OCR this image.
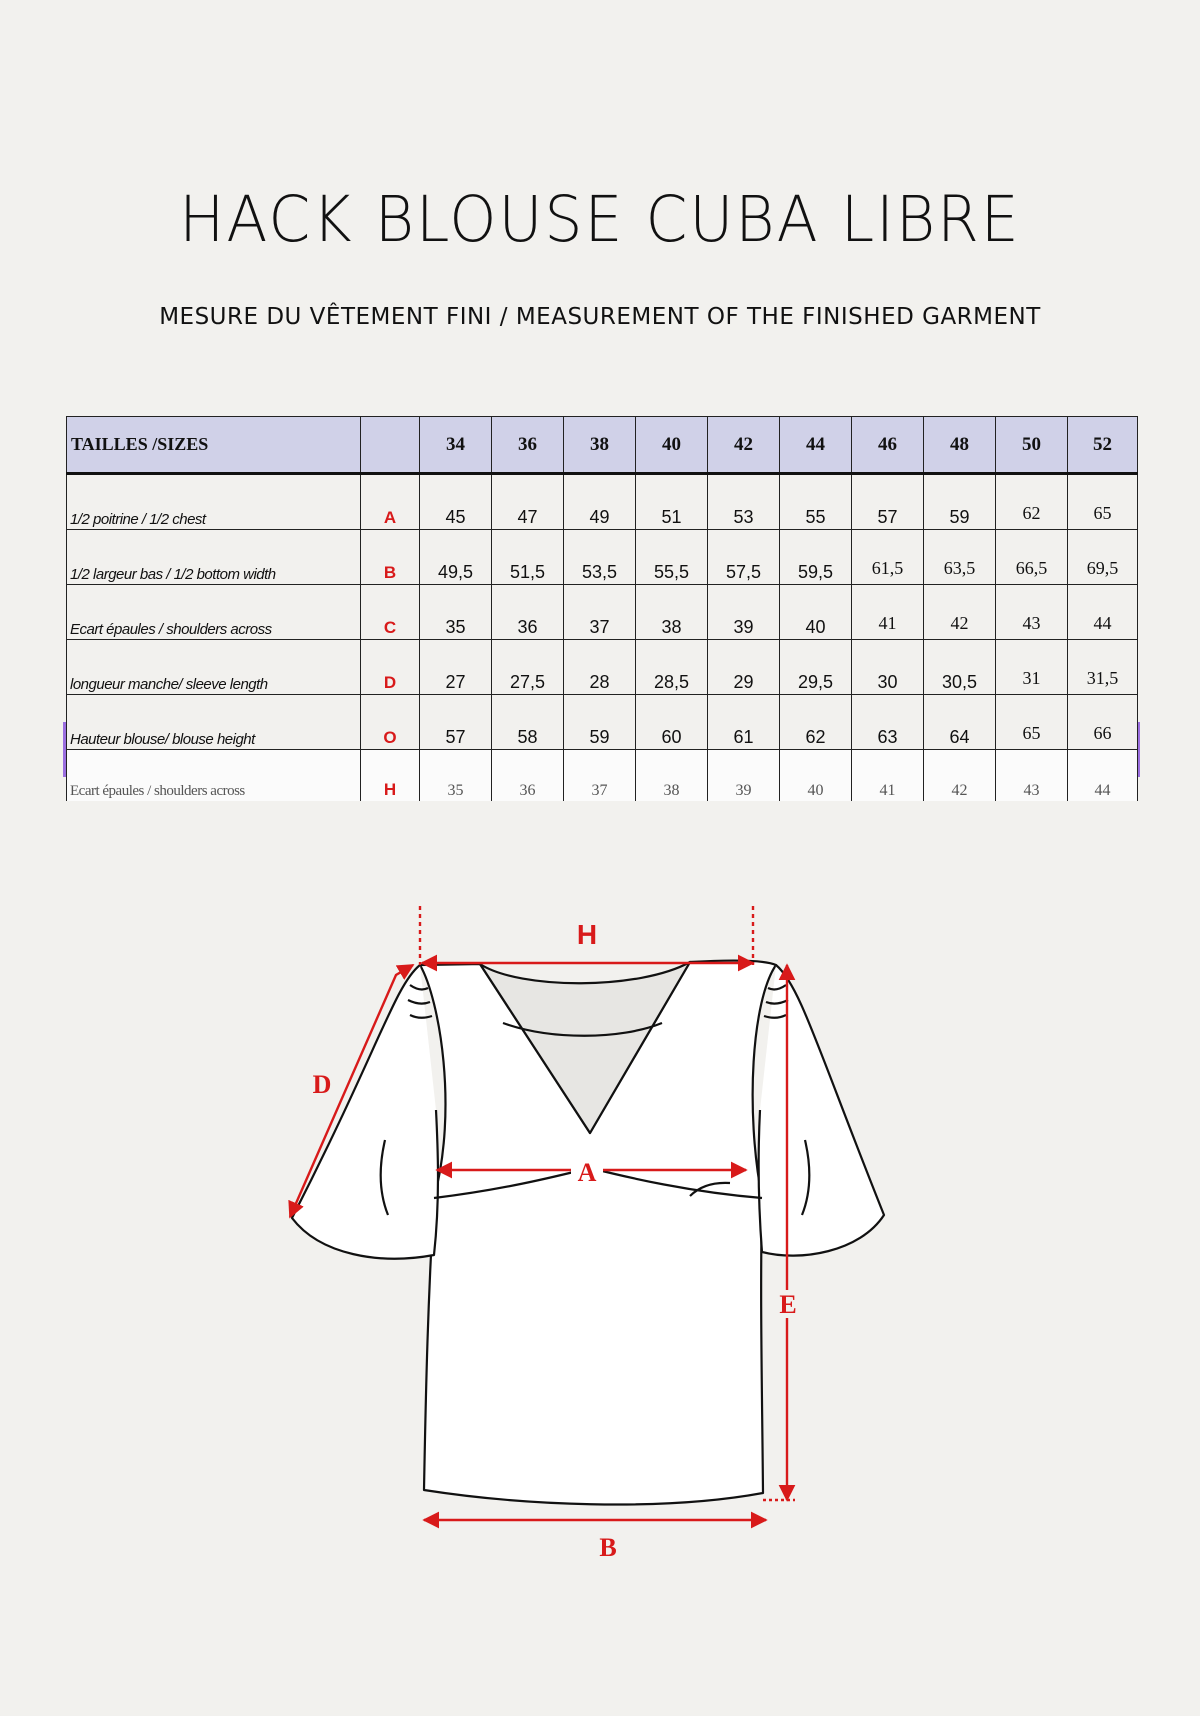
HACK BLOUSE CUBA LIBRE
MESURE DU VÊTEMENT FINI / MEASUREMENT OF THE FINISHED GARMENT
TAILLES /SIZES		34	36	38	40	42	44	46	48	50	52
1/2 poitrine / 1/2 chest	A	45	47	49	51	53	55	57	59	62	65
1/2 largeur bas / 1/2 bottom width	B	49,5	51,5	53,5	55,5	57,5	59,5	61,5	63,5	66,5	69,5
Ecart épaules / shoulders across	C	35	36	37	38	39	40	41	42	43	44
longueur manche/ sleeve length	D	27	27,5	28	28,5	29	29,5	30	30,5	31	31,5
Hauteur blouse/ blouse height	O	57	58	59	60	61	62	63	64	65	66
Ecart épaules / shoulders across	H	35	36	37	38	39	40	41	42	43	44
H
D
A
E
B
